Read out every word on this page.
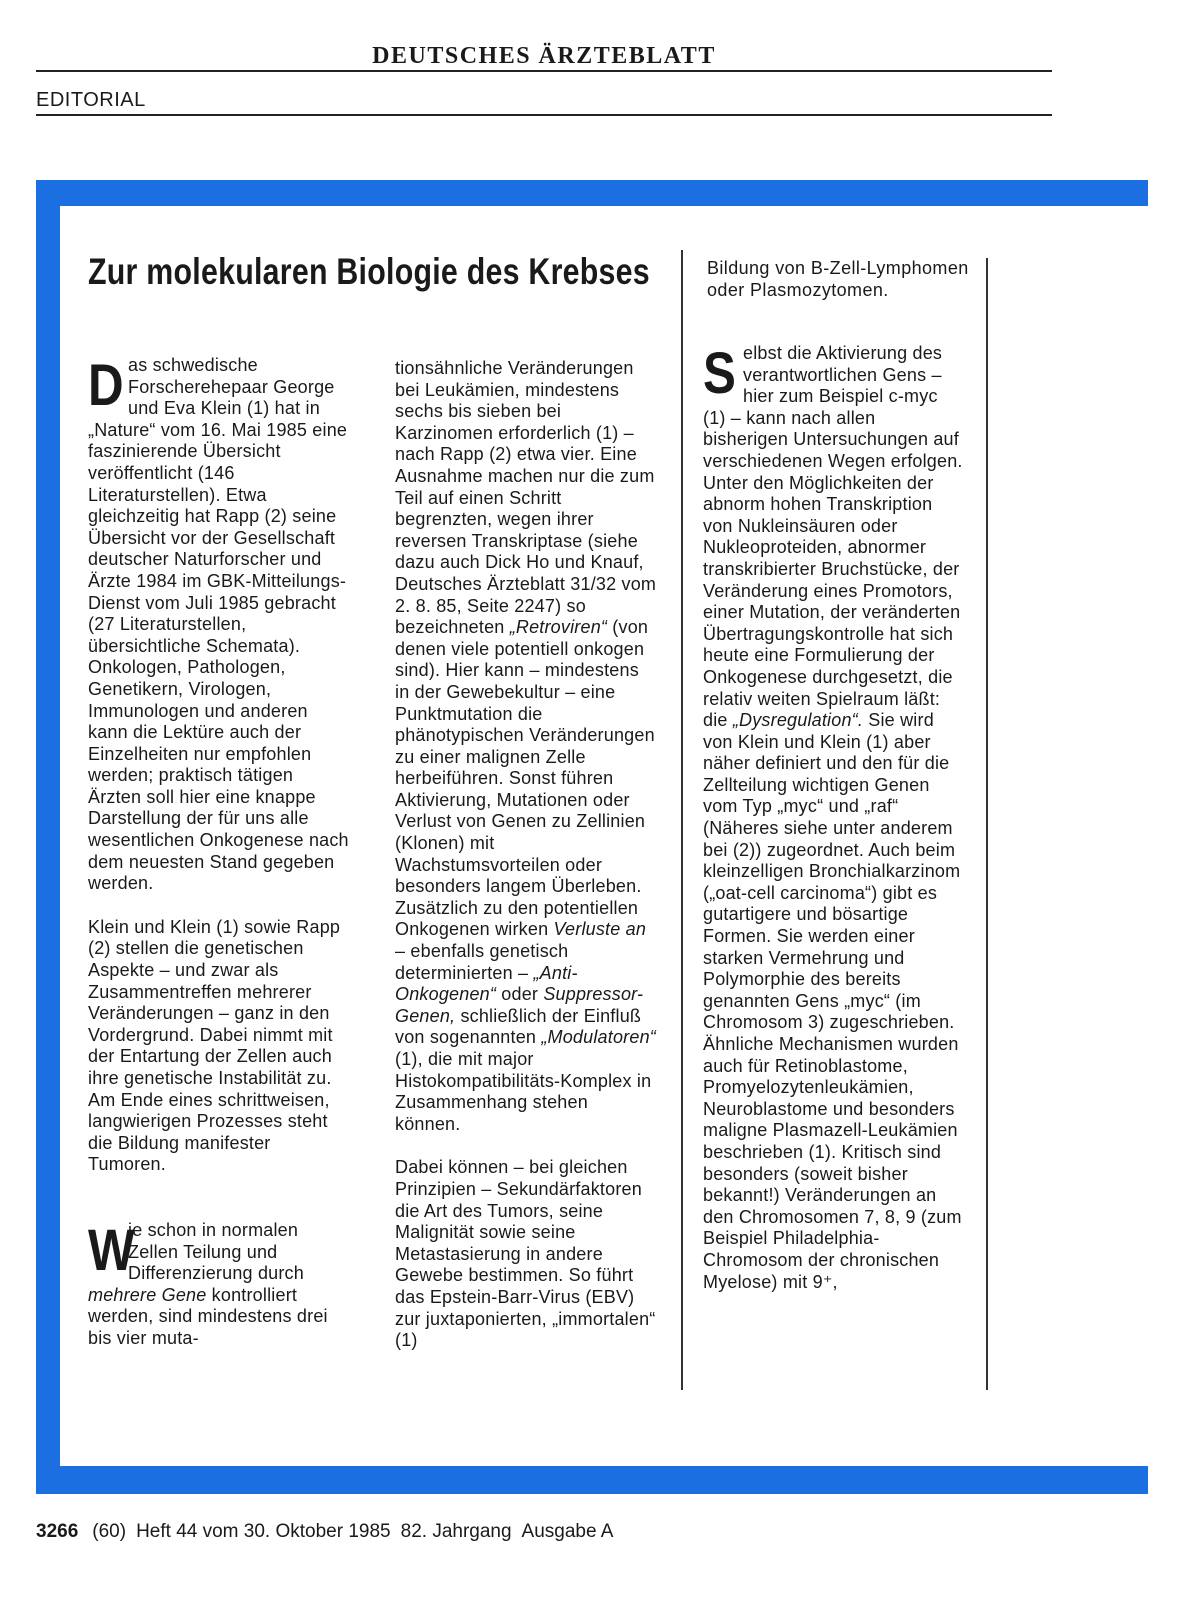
DEUTSCHES ÄRZTEBLATT
EDITORIAL
Zur molekularen Biologie des Krebses	Bildung von B-Zell-Lymphomen oder Plasmozytomen.

Das schwedische Forscherehepaar George und Eva Klein (1) hat in „Nature“ vom 16. Mai 1985 eine faszinierende Übersicht veröffentlicht (146 Literaturstellen). Etwa gleichzeitig hat Rapp (2) seine Übersicht vor der Gesellschaft deutscher Naturforscher und Ärzte 1984 im GBK-Mitteilungs-Dienst vom Juli 1985 gebracht (27 Literaturstellen, übersichtliche Schemata). Onkologen, Pathologen, Genetikern, Virologen, Immunologen und anderen kann die Lektüre auch der Einzelheiten nur empfohlen werden; praktisch tätigen Ärzten soll hier eine knappe Darstellung der für uns alle wesentlichen Onkogenese nach dem neuesten Stand gegeben werden.

Klein und Klein (1) sowie Rapp (2) stellen die genetischen Aspekte – und zwar als Zusammentreffen mehrerer Veränderungen – ganz in den Vordergrund. Dabei nimmt mit der Entartung der Zellen auch ihre genetische Instabilität zu. Am Ende eines schrittweisen, langwierigen Prozesses steht die Bildung manifester Tumoren.

W
ie schon in normalen Zellen Teilung und Differenzierung durch mehrere Gene kontrolliert werden, sind mindestens drei bis vier muta-

tionsähnliche Veränderungen bei Leukämien, mindestens sechs bis sieben bei Karzinomen erforderlich (1) – nach Rapp (2) etwa vier. Eine Ausnahme machen nur die zum Teil auf einen Schritt begrenzten, wegen ihrer reversen Transkriptase (siehe dazu auch Dick Ho und Knauf, Deutsches Ärzteblatt 31/32 vom 2. 8. 85, Seite 2247) so bezeichneten „Retroviren“ (von denen viele potentiell onkogen sind). Hier kann – mindestens in der Gewebekultur – eine Punktmutation die phänotypischen Veränderungen zu einer malignen Zelle herbeiführen. Sonst führen Aktivierung, Mutationen oder Verlust von Genen zu Zellinien (Klonen) mit Wachstumsvorteilen oder besonders langem Überleben. Zusätzlich zu den potentiellen Onkogenen wirken Verluste an – ebenfalls genetisch determinierten – „Anti-Onkogenen“ oder Suppressor-Genen, schließlich der Einfluß von sogenannten „Modulatoren“ (1), die mit major Histokompatibilitäts-Komplex in Zusammenhang stehen können.

Dabei können – bei gleichen Prinzipien – Sekundärfaktoren die Art des Tumors, seine Malignität sowie seine Metastasierung in andere Gewebe bestimmen. So führt das Epstein-Barr-Virus (EBV) zur juxtaponierten, „immortalen“ (1)

Selbst die Aktivierung des verantwortlichen Gens – hier zum Beispiel c-myc (1) – kann nach allen bisherigen Untersuchungen auf verschiedenen Wegen erfolgen. Unter den Möglichkeiten der abnorm hohen Transkription von Nukleinsäuren oder Nukleoproteiden, abnormer transkribierter Bruchstücke, der Veränderung eines Promotors, einer Mutation, der veränderten Übertragungskontrolle hat sich heute eine Formulierung der Onkogenese durchgesetzt, die relativ weiten Spielraum läßt: die „Dysregulation“. Sie wird von Klein und Klein (1) aber näher definiert und den für die Zellteilung wichtigen Genen vom Typ „myc“ und „raf“ (Näheres siehe unter anderem bei (2)) zugeordnet. Auch beim kleinzelligen Bronchialkarzinom („oat-cell carcinoma“) gibt es gutartigere und bösartige Formen. Sie werden einer starken Vermehrung und Polymorphie des bereits genannten Gens „myc“ (im Chromosom 3) zugeschrieben. Ähnliche Mechanismen wurden auch für Retinoblastome, Promyelozytenleukämien, Neuroblastome und besonders maligne Plasmazell-Leukämien beschrieben (1). Kritisch sind besonders (soweit bisher bekannt!) Veränderungen an den Chromosomen 7, 8, 9 (zum Beispiel Philadelphia-Chromosom der chronischen Myelose) mit 9⁺,

3266 (60) Heft 44 vom 30. Oktober 1985 82. Jahrgang Ausgabe A
